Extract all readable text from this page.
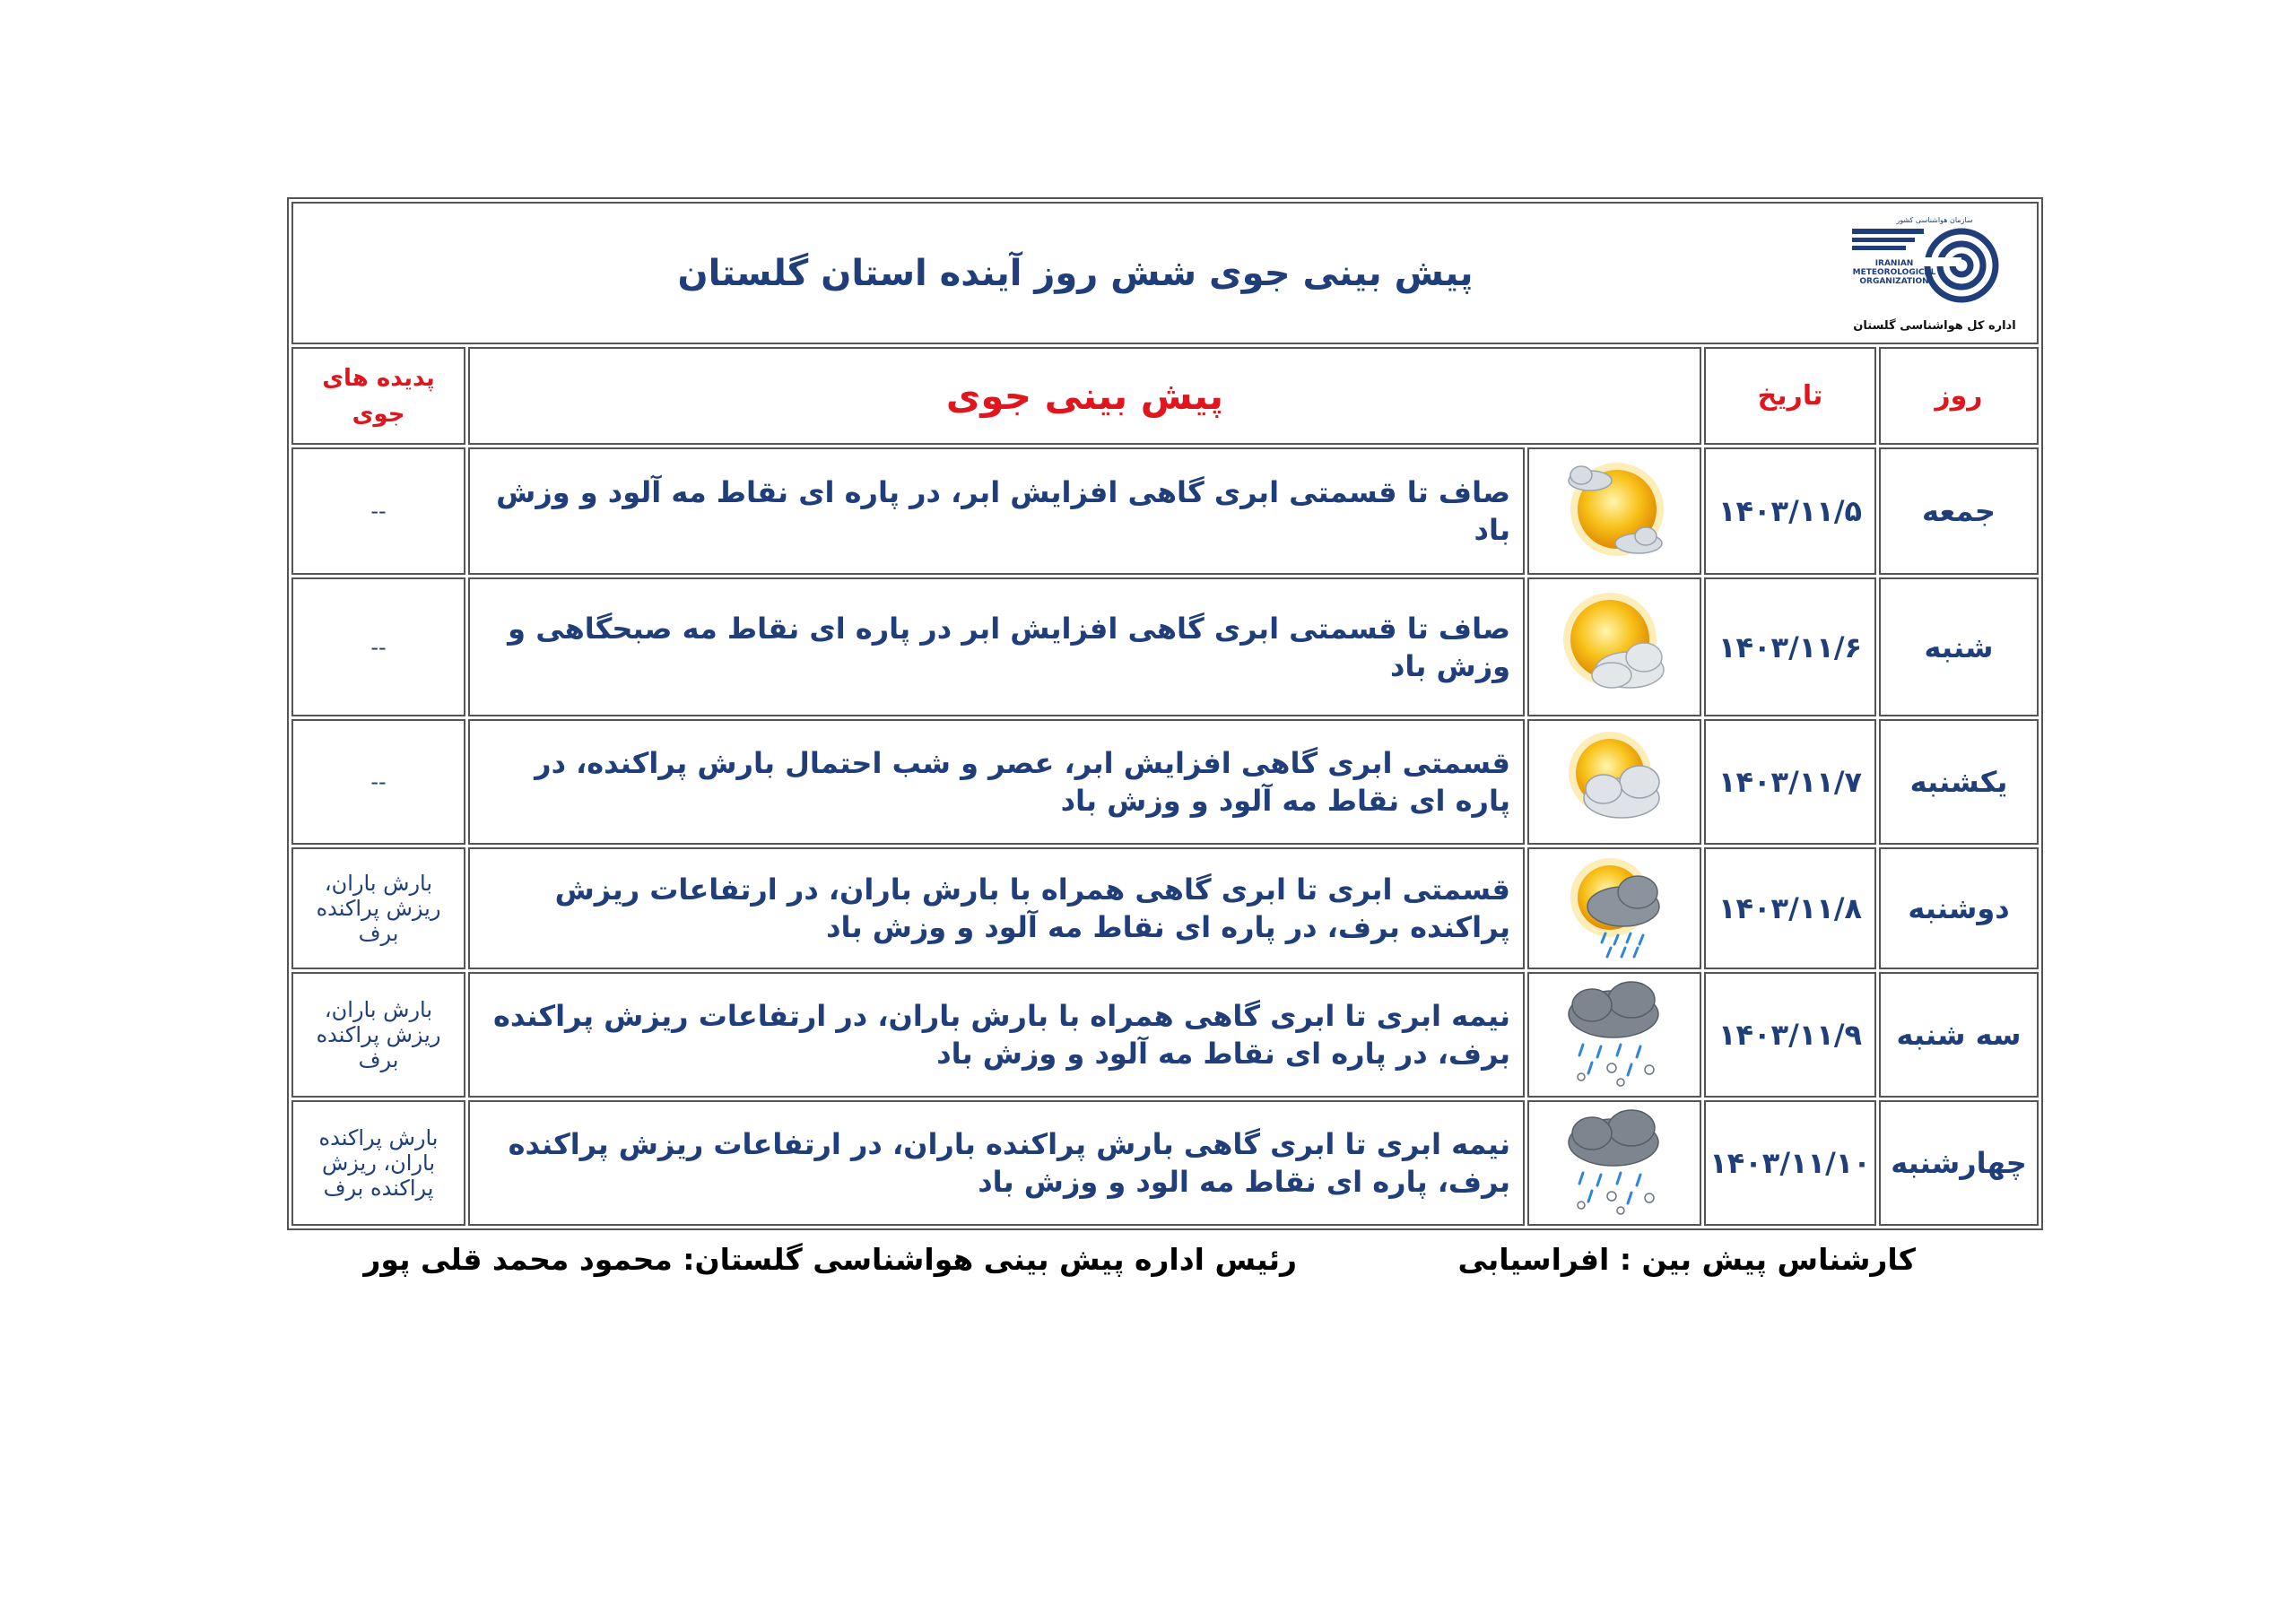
سازمان هواشناسی کشور
IRANIAN METEOROLOGICAL ORGANIZATION
اداره کل هواشناسی گلستان
پیش بینی جوی شش روز آینده استان گلستان				

روز	تاریخ	پیش بینی جوی		پدیده های جوی
جمعه	۱۴۰۳/۱۱/۵		صاف تا قسمتی ابری گاهی افزایش ابر، در پاره ای نقاط مه آلود و وزش باد	--
شنبه	۱۴۰۳/۱۱/۶		صاف تا قسمتی ابری گاهی افزایش ابر در پاره ای نقاط مه صبحگاهی و وزش باد	--
یکشنبه	۱۴۰۳/۱۱/۷		قسمتی ابری گاهی افزایش ابر، عصر و شب احتمال بارش پراکنده، در پاره ای نقاط مه آلود و وزش باد	--
دوشنبه	۱۴۰۳/۱۱/۸		قسمتی ابری تا ابری گاهی همراه با بارش باران، در ارتفاعات ریزش پراکنده برف، در پاره ای نقاط مه آلود و وزش باد	بارش باران، ریزش پراکنده برف
سه شنبه	۱۴۰۳/۱۱/۹		نیمه ابری تا ابری گاهی همراه با بارش باران، در ارتفاعات ریزش پراکنده برف، در پاره ای نقاط مه آلود و وزش باد	بارش باران، ریزش پراکنده برف
چهارشنبه	۱۴۰۳/۱۱/۱۰		نیمه ابری تا ابری گاهی بارش پراکنده باران، در ارتفاعات ریزش پراکنده برف، پاره ای نقاط مه الود و وزش باد	بارش پراکنده باران، ریزش پراکنده برف
کارشناس پیش بین : افراسیابی
رئیس اداره پیش بینی هواشناسی گلستان: محمود محمد قلی پور
